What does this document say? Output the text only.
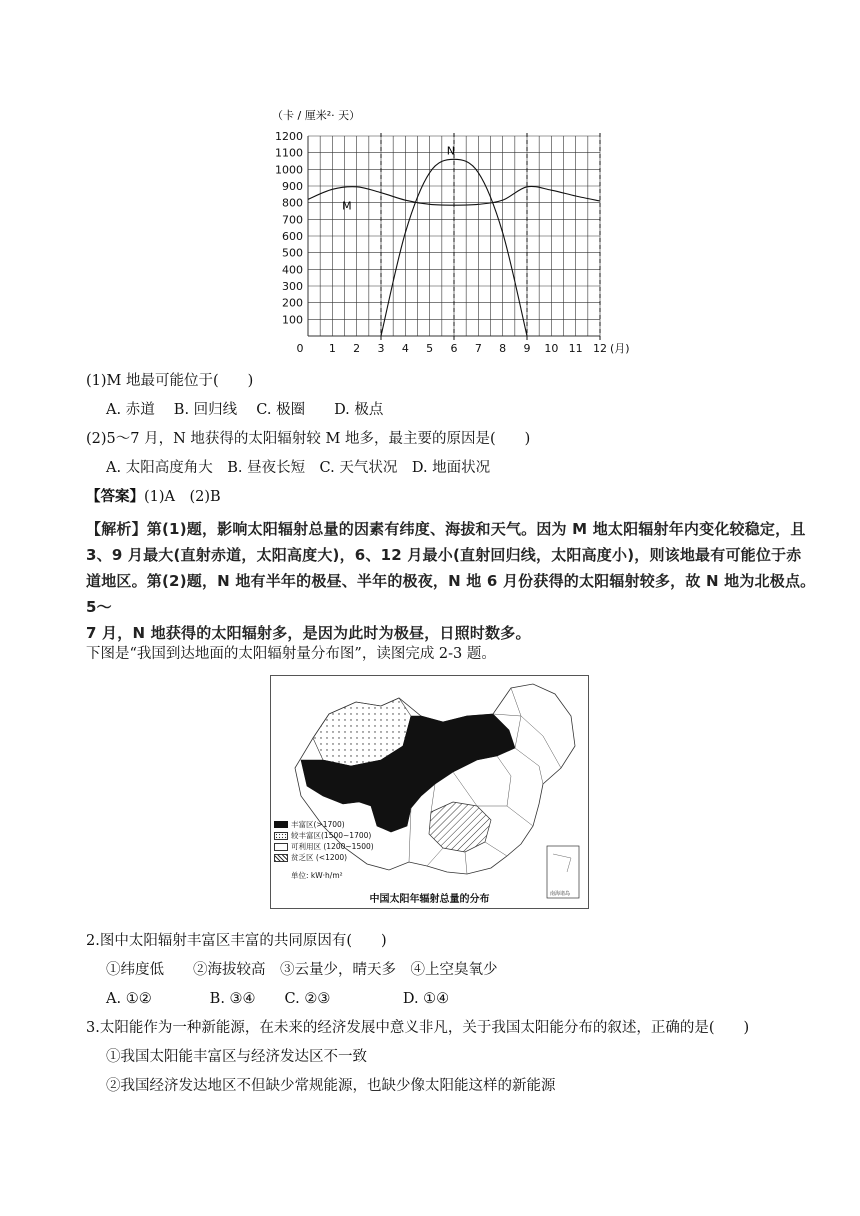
（卡 / 厘米²· 天）
100
200
300
400
500
600
700
800
900
1000
1100
1200
0 1 2 3 4 5 6 7 8 9 10 11 12 (月)
M
N
(1)M 地最可能位于(　　)
A. 赤道　 B. 回归线　 C. 极圈　　D. 极点
(2)5～7 月，N 地获得的太阳辐射较 M 地多，最主要的原因是(　　)
A. 太阳高度角大　B. 昼夜长短　C. 天气状况　D. 地面状况
【答案】(1)A　(2)B
【解析】第(1)题，影响太阳辐射总量的因素有纬度、海拔和天气。因为 M 地太阳辐射年内变化较稳定，且
3、9 月最大(直射赤道，太阳高度大)，6、12 月最小(直射回归线，太阳高度小)，则该地最有可能位于赤
道地区。第(2)题，N 地有半年的极昼、半年的极夜，N 地 6 月份获得的太阳辐射较多，故 N 地为北极点。5～
7 月，N 地获得的太阳辐射多，是因为此时为极昼，日照时数多。
下图是“我国到达地面的太阳辐射量分布图”，读图完成 2-3 题。
南海诸岛
丰富区(>1700)
较丰富区(1500~1700)
可利用区 (1200~1500)
贫乏区 (<1200)
单位: kW·h/m²
中国太阳年辐射总量的分布
2.图中太阳辐射丰富区丰富的共同原因有(　　)
①纬度低　　②海拔较高　③云量少，晴天多　④上空臭氧少
A. ①②　　　　B. ③④　　C. ②③　　　　　D. ①④
3.太阳能作为一种新能源，在未来的经济发展中意义非凡，关于我国太阳能分布的叙述，正确的是(　　)
①我国太阳能丰富区与经济发达区不一致
②我国经济发达地区不但缺少常规能源，也缺少像太阳能这样的新能源
